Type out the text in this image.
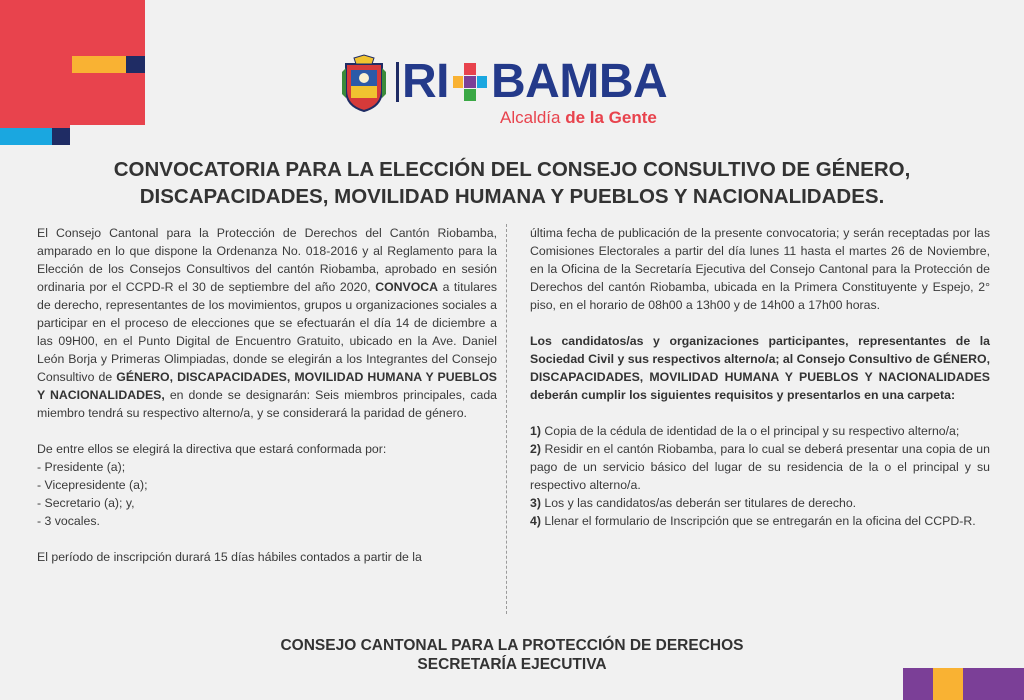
RI BAMBA
Alcaldía de la Gente
CONVOCATORIA PARA LA ELECCIÓN DEL CONSEJO CONSULTIVO DE GÉNERO,
DISCAPACIDADES, MOVILIDAD HUMANA Y PUEBLOS Y NACIONALIDADES.

El Consejo Cantonal para la Protección de Derechos del Cantón Riobamba, amparado en lo que dispone la Ordenanza No. 018-2016 y al Reglamento para la Elección de los Consejos Consultivos del cantón Riobamba, aprobado en sesión ordinaria por el CCPD-R el 30 de septiembre del año 2020, CONVOCA a titulares de derecho, representantes de los movimientos, grupos u organizaciones sociales a participar en el proceso de elecciones que se efectuarán el día 14 de diciembre a las 09H00, en el Punto Digital de Encuentro Gratuito, ubicado en la Ave. Daniel León Borja y Primeras Olimpiadas, donde se elegirán a los Integrantes del Consejo Consultivo de GÉNERO, DISCAPACIDADES, MOVILIDAD HUMANA Y PUEBLOS Y NACIONALIDADES, en donde se designarán: Seis miembros principales, cada miembro tendrá su respectivo alterno/a, y se considerará la paridad de género.

De entre ellos se elegirá la directiva que estará conformada por:

- Presidente (a);

- Vicepresidente (a);

- Secretario (a); y,

- 3 vocales.

El período de inscripción durará 15 días hábiles contados a partir de la

última fecha de publicación de la presente convocatoria; y serán receptadas por las Comisiones Electorales a partir del día lunes 11 hasta el martes 26 de Noviembre, en la Oficina de la Secretaría Ejecutiva del Consejo Cantonal para la Protección de Derechos del cantón Riobamba, ubicada en la Primera Constituyente y Espejo, 2° piso, en el horario de 08h00 a 13h00 y de 14h00 a 17h00 horas.

Los candidatos/as y organizaciones participantes, representantes de la Sociedad Civil y sus respectivos alterno/a; al Consejo Consultivo de GÉNERO, DISCAPACIDADES, MOVILIDAD HUMANA Y PUEBLOS Y NACIONALIDADES deberán cumplir los siguientes requisitos y presentarlos en una carpeta:

1) Copia de la cédula de identidad de la o el principal y su respectivo alterno/a;

2) Residir en el cantón Riobamba, para lo cual se deberá presentar una copia de un pago de un servicio básico del lugar de su residencia de la o el principal y su respectivo alterno/a.

3) Los y las candidatos/as deberán ser titulares de derecho.

4) Llenar el formulario de Inscripción que se entregarán en la oficina del CCPD-R.

CONSEJO CANTONAL PARA LA PROTECCIÓN DE DERECHOS
SECRETARÍA EJECUTIVA
